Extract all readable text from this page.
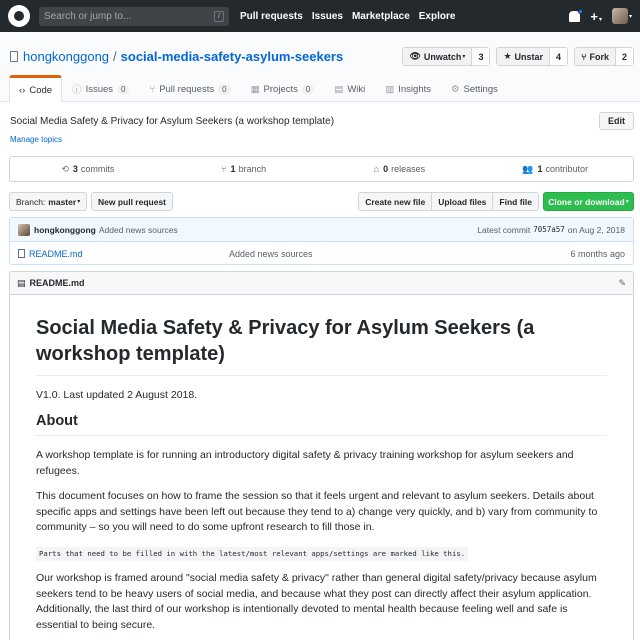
Search or jump to...	/	Pull requests Issues Marketplace Explore	+▾	▾
hongkonggong / social-media-safety-asylum-seekers	👁 Unwatch ▾	3	★ Unstar	4	⑂ Fork	2
‹› Code ⓘ Issues	0	⑂ Pull requests	0	▦ Projects	0	▤ Wiki ▥ Insights ⚙ Settings
Social Media Safety & Privacy for Asylum Seekers (a workshop template)
Manage topics
Edit
⟲ 3 commits	⑂ 1 branch	⌂ 0 releases	👥 1 contributor
Branch: master ▾	New pull request	Create new file	Upload files	Find file	Clone or download ▾
hongkonggong Added news sources	Latest commit 7057a57 on Aug 2, 2018
README.md	Added news sources	6 months ago
▤ README.md	✎
Social Media Safety & Privacy for Asylum Seekers (a workshop template)

V1.0. Last updated 2 August 2018.

About

A workshop template is for running an introductory digital safety & privacy training workshop for asylum seekers and refugees.

This document focuses on how to frame the session so that it feels urgent and relevant to asylum seekers. Details about specific apps and settings have been left out because they tend to a) change very quickly, and b) vary from community to community – so you will need to do some upfront research to fill those in.

Parts that need to be filled in with the latest/most relevant apps/settings are marked like this.

Our workshop is framed around "social media safety & privacy" rather than general digital safety/privacy because asylum seekers tend to be heavy users of social media, and because what they post can directly affect their asylum application. Additionally, the last third of our workshop is intentionally devoted to mental health because feeling well and safe is essential to being secure.
